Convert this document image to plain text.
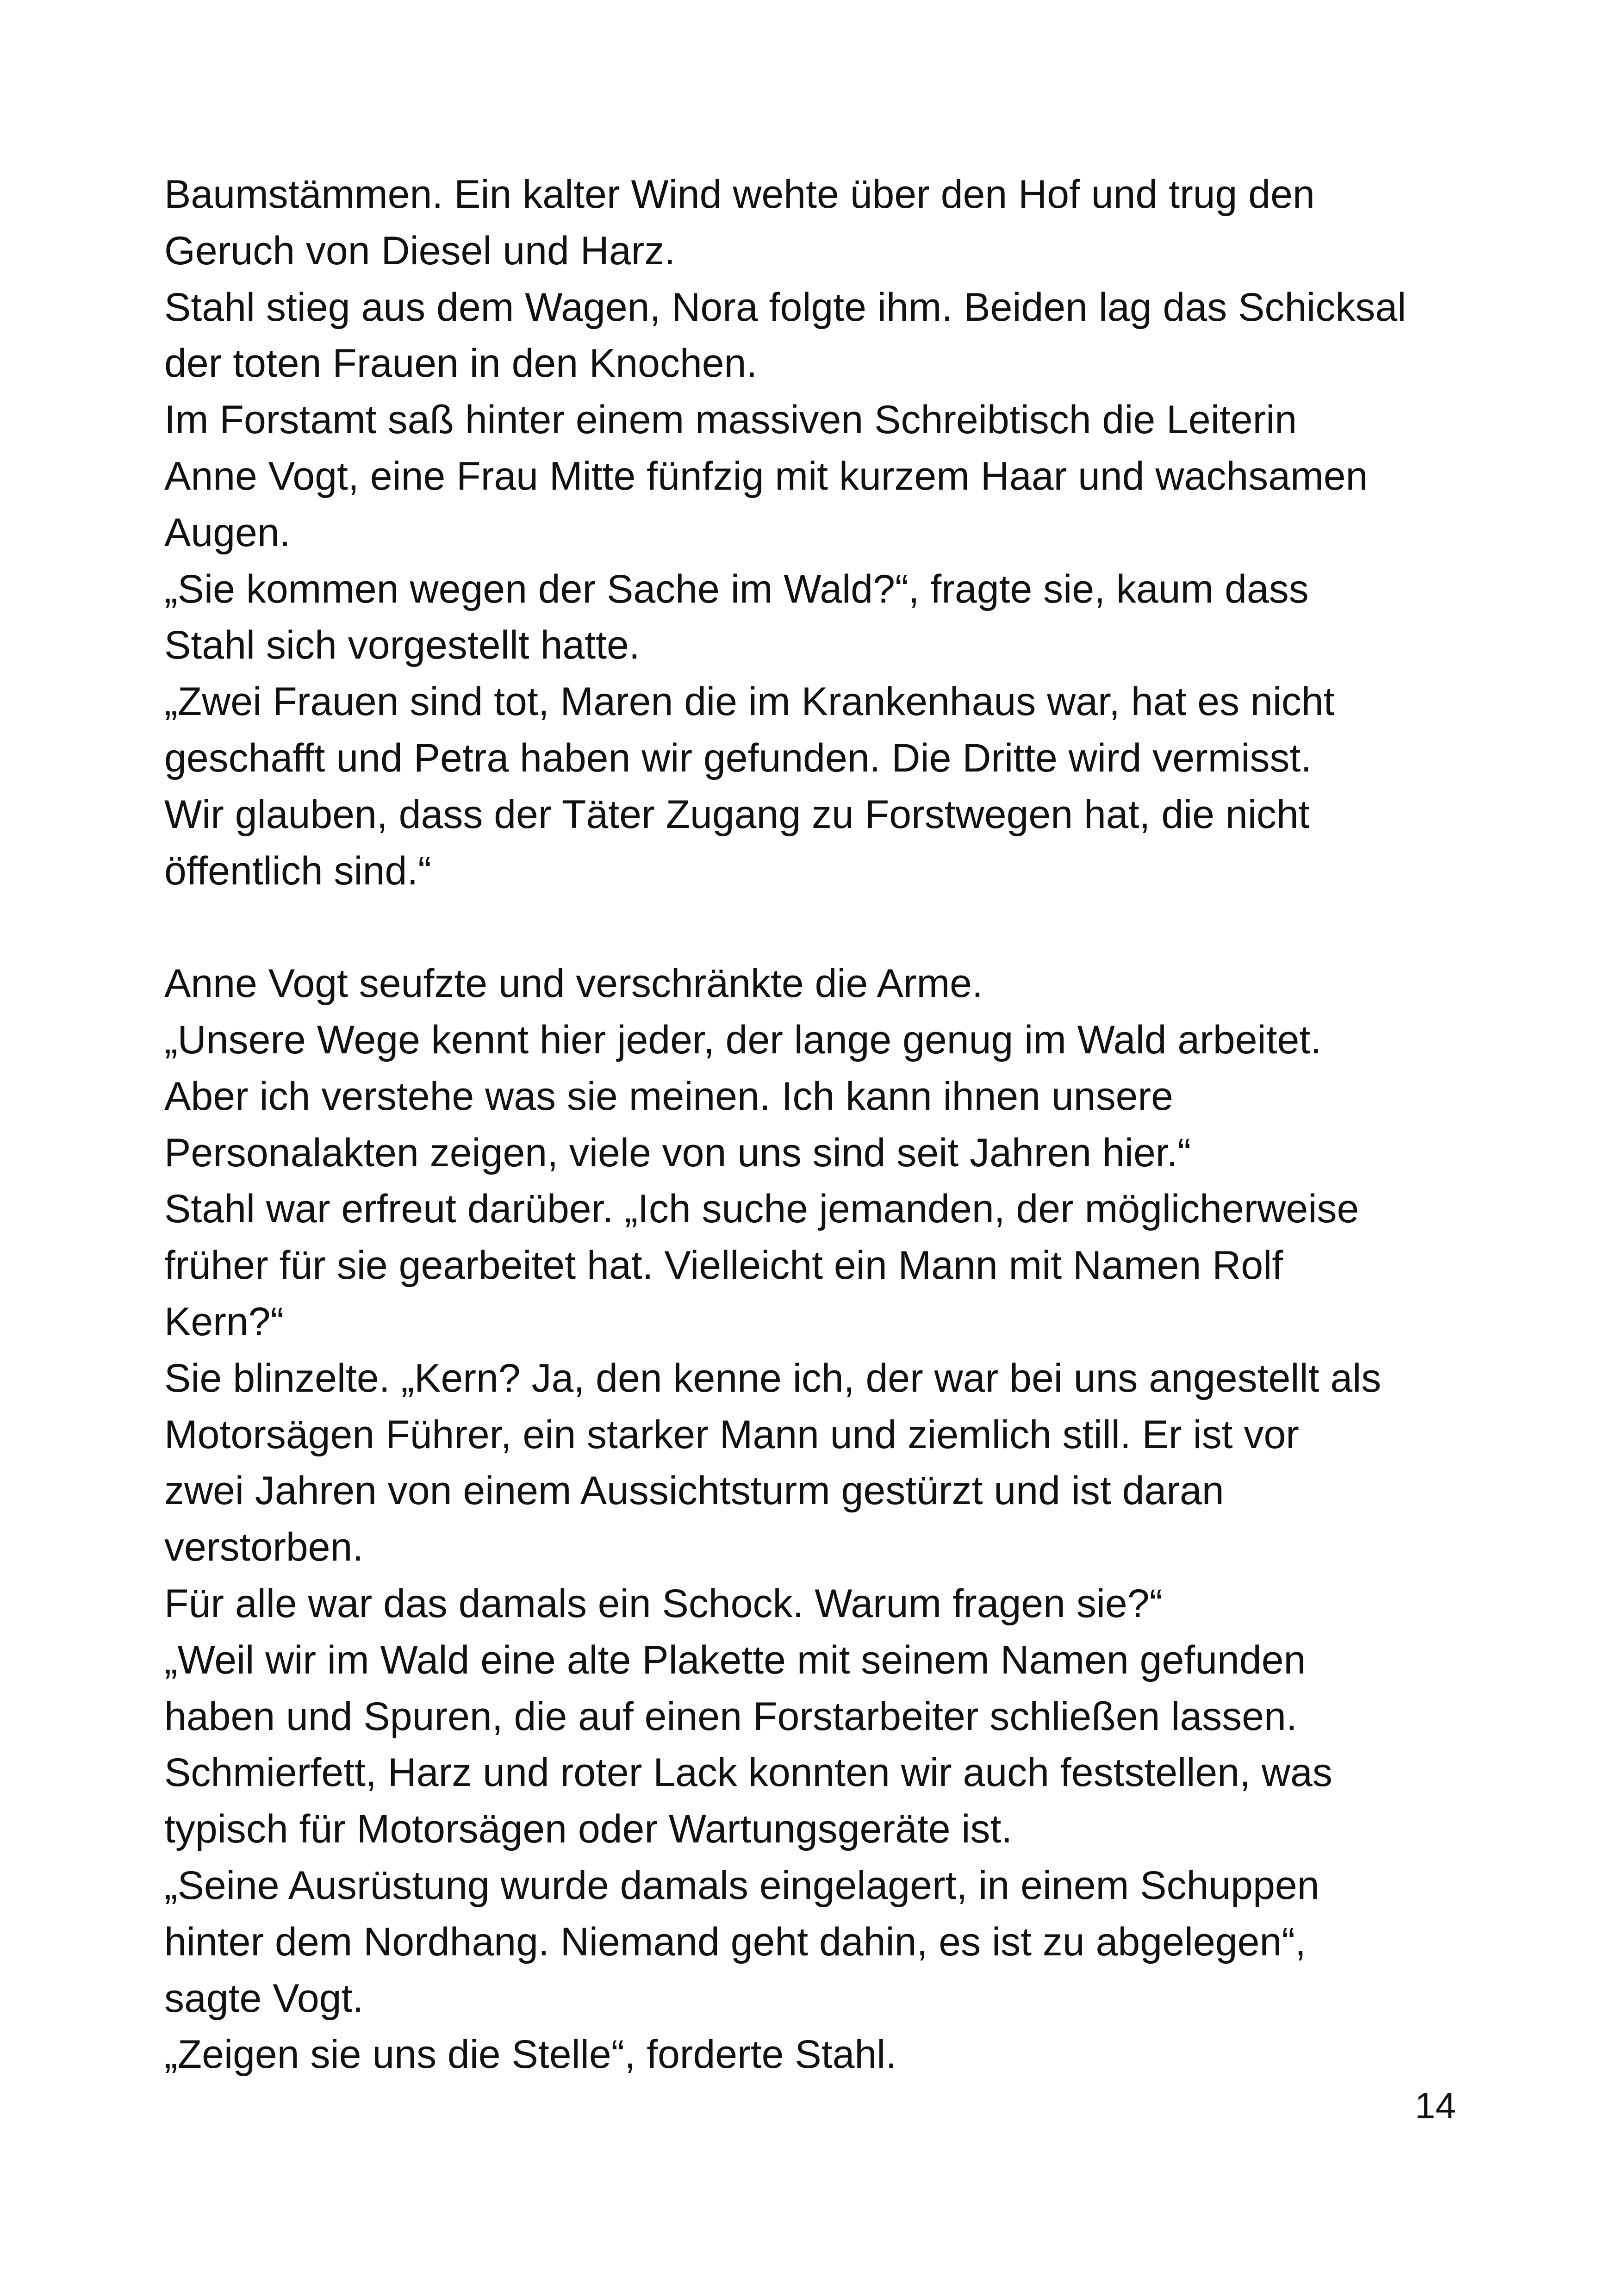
Baumstämmen. Ein kalter Wind wehte über den Hof und trug den
Geruch von Diesel und Harz.
Stahl stieg aus dem Wagen, Nora folgte ihm. Beiden lag das Schicksal
der toten Frauen in den Knochen.
Im Forstamt saß hinter einem massiven Schreibtisch die Leiterin
Anne Vogt, eine Frau Mitte fünfzig mit kurzem Haar und wachsamen
Augen.
„Sie kommen wegen der Sache im Wald?“, fragte sie, kaum dass
Stahl sich vorgestellt hatte.
„Zwei Frauen sind tot, Maren die im Krankenhaus war, hat es nicht
geschafft und Petra haben wir gefunden. Die Dritte wird vermisst.
Wir glauben, dass der Täter Zugang zu Forstwegen hat, die nicht
öffentlich sind.“
Anne Vogt seufzte und verschränkte die Arme.
„Unsere Wege kennt hier jeder, der lange genug im Wald arbeitet.
Aber ich verstehe was sie meinen. Ich kann ihnen unsere
Personalakten zeigen, viele von uns sind seit Jahren hier.“
Stahl war erfreut darüber. „Ich suche jemanden, der möglicherweise
früher für sie gearbeitet hat. Vielleicht ein Mann mit Namen Rolf
Kern?“
Sie blinzelte. „Kern? Ja, den kenne ich, der war bei uns angestellt als
Motorsägen Führer, ein starker Mann und ziemlich still. Er ist vor
zwei Jahren von einem Aussichtsturm gestürzt und ist daran
verstorben.
Für alle war das damals ein Schock. Warum fragen sie?“
„Weil wir im Wald eine alte Plakette mit seinem Namen gefunden
haben und Spuren, die auf einen Forstarbeiter schließen lassen.
Schmierfett, Harz und roter Lack konnten wir auch feststellen, was
typisch für Motorsägen oder Wartungsgeräte ist.
„Seine Ausrüstung wurde damals eingelagert, in einem Schuppen
hinter dem Nordhang. Niemand geht dahin, es ist zu abgelegen“,
sagte Vogt.
„Zeigen sie uns die Stelle“, forderte Stahl.
14
